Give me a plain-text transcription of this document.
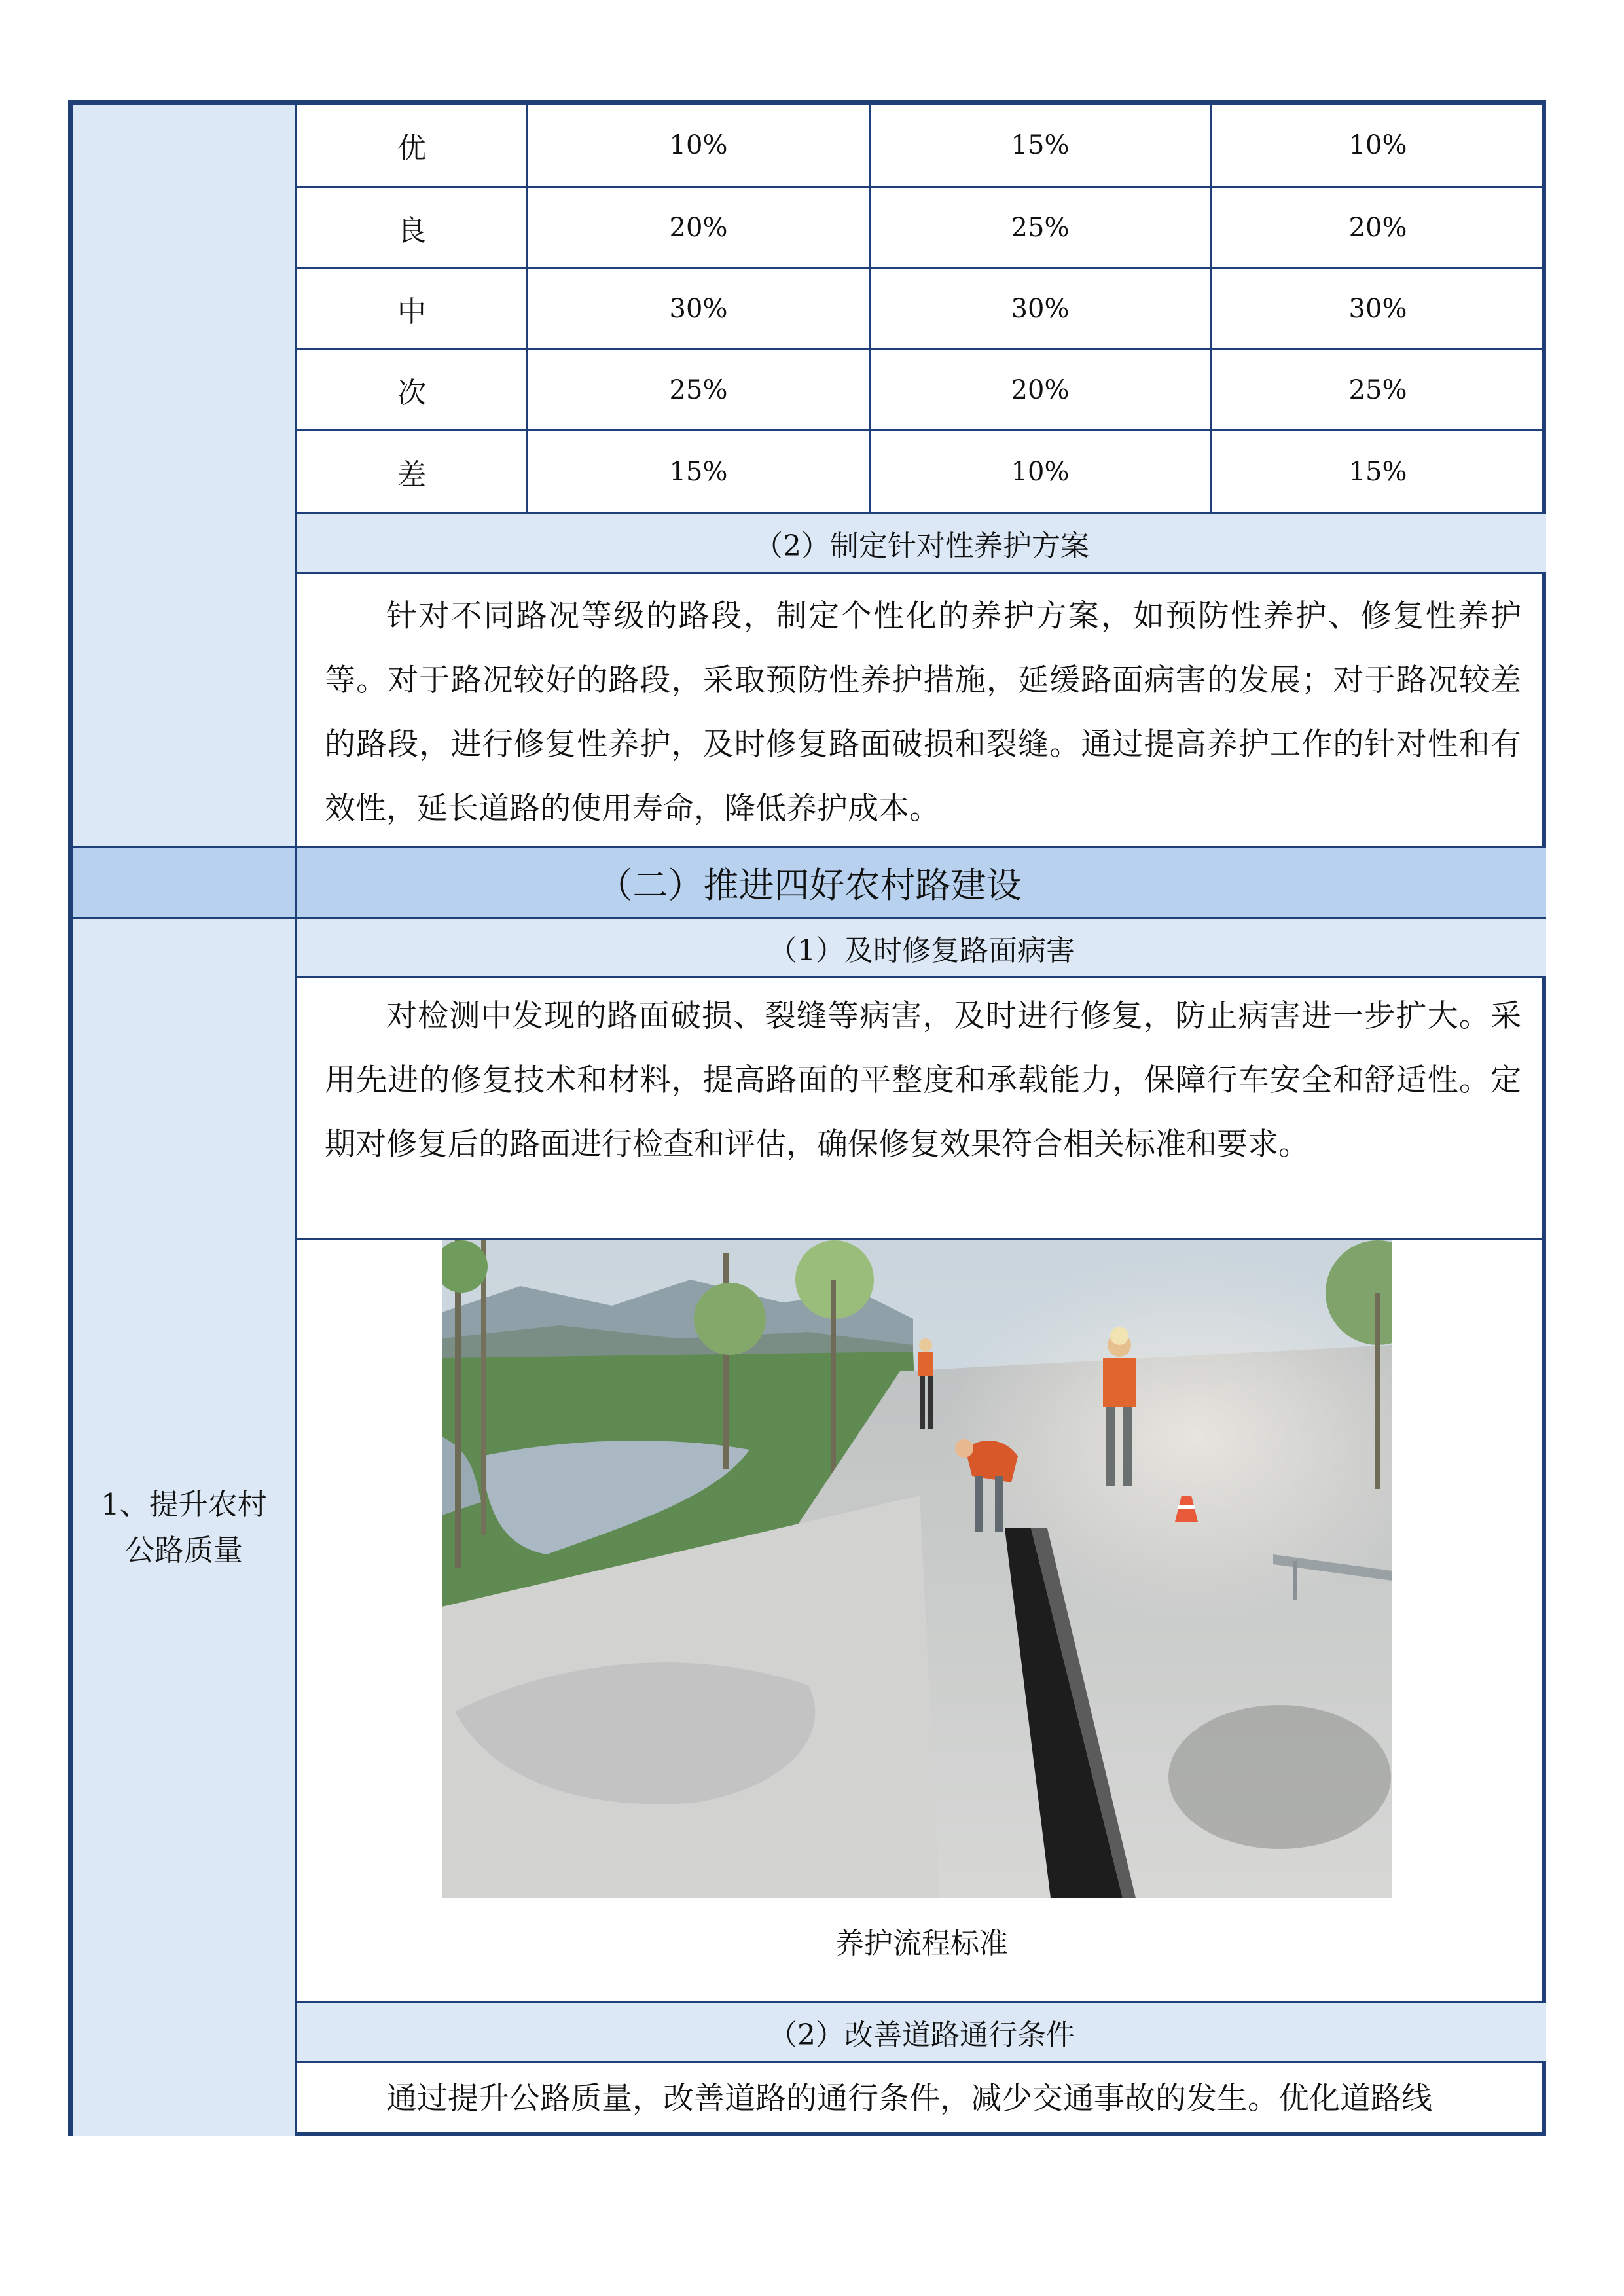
优	10%	15%	10%
良	20%	25%	20%
中	30%	30%	30%
次	25%	20%	25%
差	15%	10%	15%
（2）制定针对性养护方案
针对不同路况等级的路段，制定个性化的养护方案，如预防性养护、修复性养护等。对于路况较好的路段，采取预防性养护措施，延缓路面病害的发展；对于路况较差的路段，进行修复性养护，及时修复路面破损和裂缝。通过提高养护工作的针对性和有效性，延长道路的使用寿命，降低养护成本。
（二）推进四好农村路建设
1、提升农村公路质量
（1）及时修复路面病害
对检测中发现的路面破损、裂缝等病害，及时进行修复，防止病害进一步扩大。采用先进的修复技术和材料，提高路面的平整度和承载能力，保障行车安全和舒适性。定期对修复后的路面进行检查和评估，确保修复效果符合相关标准和要求。
养护流程标准
（2）改善道路通行条件
通过提升公路质量，改善道路的通行条件，减少交通事故的发生。优化道路线
